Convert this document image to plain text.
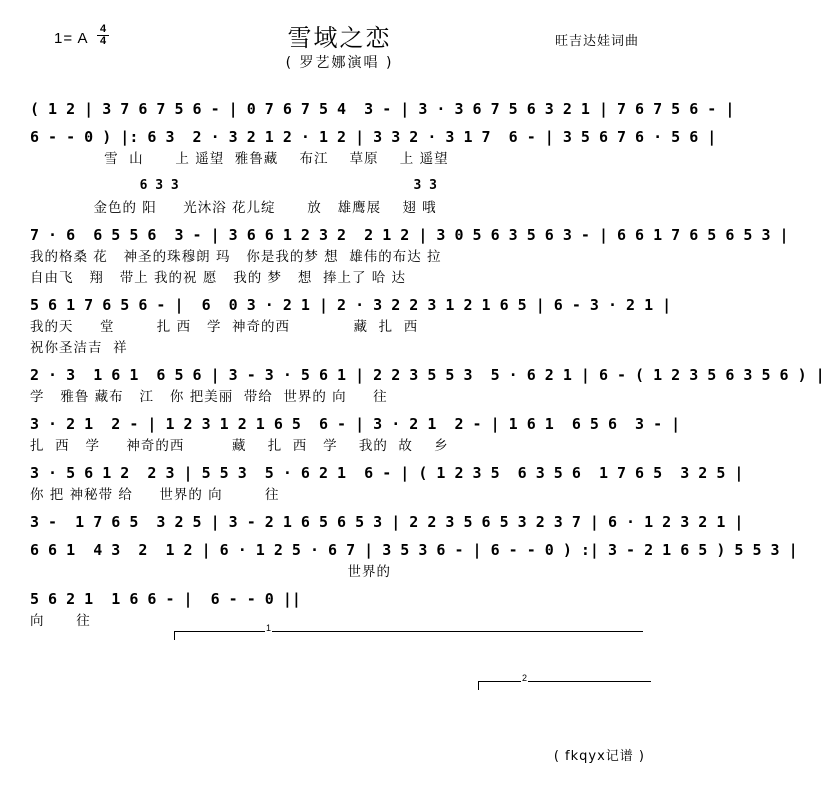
1= A $\frac{4}{4}$	雪域之恋
( 罗艺娜演唱 )
旺吉达娃词曲
( 1 2 | 3 7 6 7 5 6 - | 0 7 6 7 5 4  3 - | 3 · 3 6 7 5 6 3 2 1 | 7 6 7 5 6 - |
6 - - 0 ) |: 6 3  2 · 3 2 1 2 · 1 2 | 3 3 2 · 3 1 7  6 - | 3 5 6 7 6 · 5 6 |
雪  山      上 遥望  雅鲁藏    布江    草原    上 遥望
6 3 3                              3 3
金色的 阳     光沐浴 花儿绽      放   雄鹰展    翅 哦
7 · 6  6 5 5 6  3 - | 3 6 6 1 2 3 2  2 1 2 | 3 0 5 6 3 5 6 3 - | 6 6 1 7 6 5 6 5 3 |
我的格桑 花   神圣的珠穆朗 玛   你是我的梦 想  雄伟的布达 拉
自由飞   翔   带上 我的祝 愿   我的 梦   想  捧上了 哈 达
5 6 1 7 6 5 6 - |  6  0 3 · 2 1 | 2 · 3 2 2 3 1 2 1 6 5 | 6 - 3 · 2 1 |
我的天     堂        扎 西   学  神奇的西            藏  扎  西
祝你圣洁吉  祥
2 · 3  1 6 1  6 5 6 | 3 - 3 · 5 6 1 | 2 2 3 5 5 3  5 · 6 2 1 | 6 - ( 1 2 3 5 6 3 5 6 ) |
学   雅鲁 藏布   江   你 把美丽  带给  世界的 向     往
3 · 2 1  2 - | 1 2 3 1 2 1 6 5  6 - | 3 · 2 1  2 - | 1 6 1  6 5 6  3 - |
扎  西   学     神奇的西         藏    扎  西   学    我的  故    乡
3 · 5 6 1 2  2 3 | 5 5 3  5 · 6 2 1  6 - | ( 1 2 3 5  6 3 5 6  1 7 6 5  3 2 5 |
你 把 神秘带 给     世界的 向        往
3 -  1 7 6 5  3 2 5 | 3 - 2 1 6 5 6 5 3 | 2 2 3 5 6 5 3 2 3 7 | 6 · 1 2 3 2 1 |
6 6 1  4 3  2  1 2 | 6 · 1 2 5 · 6 7 | 3 5 3 6 - | 6 - - 0 ) :| 3 - 2 1 6 5 ) 5 5 3 |
世界的
5 6 2 1  1 6 6 - |  6 - - 0 ||
向      往	1
2
( fkqyx记谱 )
